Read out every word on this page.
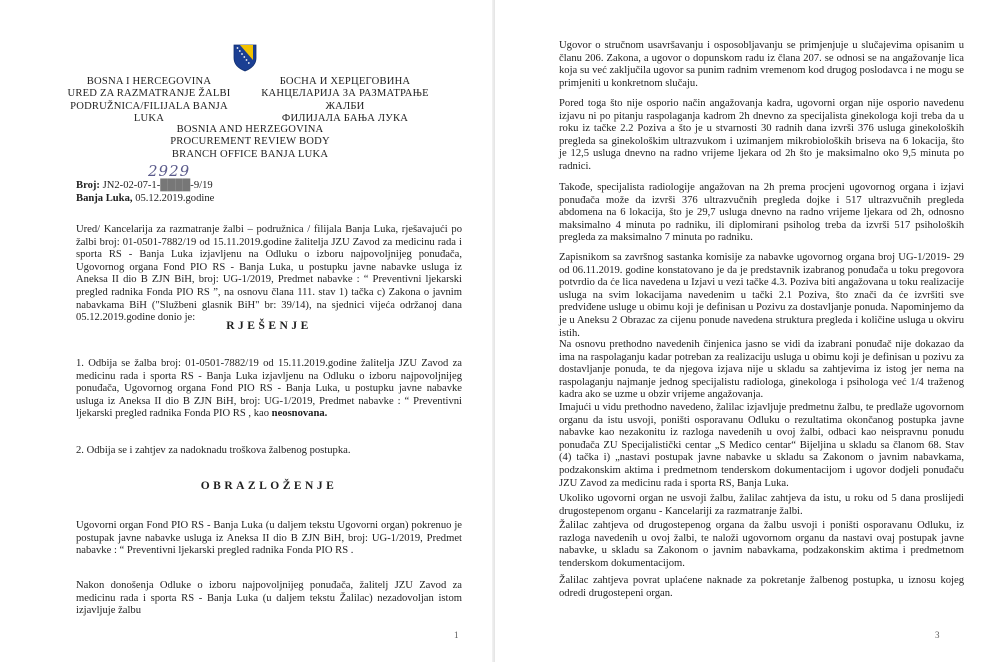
BOSNA I HERCEGOVINA
URED ZA RAZMATRANJE ŽALBI
PODRUŽNICA/FILIJALA BANJA LUKA
БОСНА И ХЕРЦЕГОВИНА
КАНЦЕЛАРИЈА ЗА РАЗМАТРАЊЕ ЖАЛБИ
ФИЛИЈАЛА БАЊА ЛУКА
BOSNIA AND HERZEGOVINA
PROCUREMENT REVIEW BODY
BRANCH OFFICE BANJA LUKA
2929
Broj: JN2-02-07-1-████-9/19
Banja Luka, 05.12.2019.godine

Ured/ Kancelarija za razmatranje žalbi – podružnica / filijala Banja Luka, rješavajući po žalbi broj: 01-0501-7882/19 od 15.11.2019.godine žalitelja JZU Zavod za medicinu rada i sporta RS - Banja Luka izjavljenu na Odluku o izboru najpovoljnijeg ponuđača, Ugovornog organa Fond PIO RS - Banja Luka, u postupku javne nabavke usluga iz Aneksa II dio B ZJN BiH, broj: UG-1/2019, Predmet nabavke : “ Preventivni ljekarski pregled radnika Fonda PIO RS ”, na osnovu člana 111. stav 1) tačka c) Zakona o javnim nabavkama BiH ("Službeni glasnik BiH" br: 39/14), na sjednici vijeća održanoj dana 05.12.2019.godine donio je:

RJEŠENJE

1. Odbija se žalba broj: 01-0501-7882/19 od 15.11.2019.godine žalitelja JZU Zavod za medicinu rada i sporta RS - Banja Luka izjavljenu na Odluku o izboru najpovoljnijeg ponuđača, Ugovornog organa Fond PIO RS - Banja Luka, u postupku javne nabavke usluga iz Aneksa II dio B ZJN BiH, broj: UG-1/2019, Predmet nabavke : “ Preventivni ljekarski pregled radnika Fonda PIO RS , kao neosnovana.

2. Odbija se i zahtjev za nadoknadu troškova žalbenog postupka.

OBRAZLOŽENJE

Ugovorni organ Fond PIO RS - Banja Luka (u daljem tekstu Ugovorni organ) pokrenuo je postupak javne nabavke usluga iz Aneksa II dio B ZJN BiH, broj: UG-1/2019, Predmet nabavke : “ Preventivni ljekarski pregled radnika Fonda PIO RS .

Nakon donošenja Odluke o izboru najpovoljnijeg ponuđača, žalitelj JZU Zavod za medicinu rada i sporta RS - Banja Luka (u daljem tekstu Žalilac) nezadovoljan istom izjavljuje žalbu

1

Ugovor o stručnom usavršavanju i osposobljavanju se primjenjuje u slučajevima opisanim u članu 206. Zakona, a ugovor o dopunskom radu iz člana 207. se odnosi se na angažovanje lica koja su već zaključila ugovor sa punim radnim vremenom kod drugog poslodavca i ne mogu se primjeniti u konkretnom slučaju.

Pored toga što nije osporio način angažovanja kadra, ugovorni organ nije osporio navedenu izjavu ni po pitanju raspolaganja kadrom 2h dnevno za specijalista ginekologa koji treba da u roku iz tačke 2.2 Poziva a što je u stvarnosti 30 radnih dana izvrši 376 usluga ginekoloških pregleda sa ginekološkim ultrazvukom i uzimanjem mikrobioloških briseva na 6 lokacija, što je 12,5 usluga dnevno na radno vrijeme ljekara od 2h što je maksimalno oko 9,5 minuta po radnici.

Takođe, specijalista radiologije angažovan na 2h prema procjeni ugovornog organa i izjavi ponuđača može da izvrši 376 ultrazvučnih pregleda dojke i 517 ultrazvučnih pregleda abdomena na 6 lokacija, što je 29,7 usluga dnevno na radno vrijeme ljekara od 2h, odnosno maksimalno 4 minuta po radniku, ili diplomirani psiholog treba da izvrši 517 psiholoških pregleda za maksimalno 7 minuta po radniku.

Zapisnikom sa završnog sastanka komisije za nabavke ugovornog organa broj UG-1/2019- 29 od 06.11.2019. godine konstatovano je da je predstavnik izabranog ponuđača u toku pregovora potvrdio da će lica navedena u Izjavi u vezi tačke 4.3. Poziva biti angažovana u toku realizacije usluga na svim lokacijama navedenim u tački 2.1 Poziva, što znači da će izvršiti sve predviđene usluge u obimu koji je definisan u Pozivu za dostavljanje ponuda. Napominjemo da je u Aneksu 2 Obrazac za cijenu ponude navedena struktura pregleda i količine usluga u okviru istih.

Na osnovu prethodno navedenih činjenica jasno se vidi da izabrani ponuđač nije dokazao da ima na raspolaganju kadar potreban za realizaciju usluga u obimu koji je definisan u pozivu za dostavljanje ponuda, te da njegova izjava nije u skladu sa zahtjevima iz istog jer nema na raspolaganju najmanje jednog specijalistu radiologa, ginekologa i psihologa već 1/4 traženog kadra ako se uzme u obzir vrijeme angažovanja.

Imajući u vidu prethodno navedeno, žalilac izjavljuje predmetnu žalbu, te predlaže ugovornom organu da istu usvoji, poništi osporavanu Odluku o rezultatima okončanog postupka javne nabavke kao nezakonitu iz razloga navedenih u ovoj žalbi, odbaci kao neispravnu ponudu ponuđača ZU Specijalistički centar „S Medico centar“ Bijeljina u skladu sa članom 68. Stav (4) tačka i) „nastavi postupak javne nabavke u skladu sa Zakonom o javnim nabavkama, podzakonskim aktima i predmetnom tenderskom dokumentacijom i ugovor dodjeli ponuđaču JZU Zavod za medicinu rada i sporta RS, Banja Luka.

Ukoliko ugovorni organ ne usvoji žalbu, žalilac zahtjeva da istu, u roku od 5 dana proslijedi drugostepenom organu - Kancelariji za razmatranje žalbi.

Žalilac zahtjeva od drugostepenog organa da žalbu usvoji i poništi osporavanu Odluku, iz razloga navedenih u ovoj žalbi, te naloži ugovornom organu da nastavi ovaj postupak javne nabavke, u skladu sa Zakonom o javnim nabavkama, podzakonskim aktima i predmetnom tenderskom dokumentacijom.

Žalilac zahtjeva povrat uplaćene naknade za pokretanje žalbenog postupka, u iznosu kojeg odredi drugostepeni organ.

3
